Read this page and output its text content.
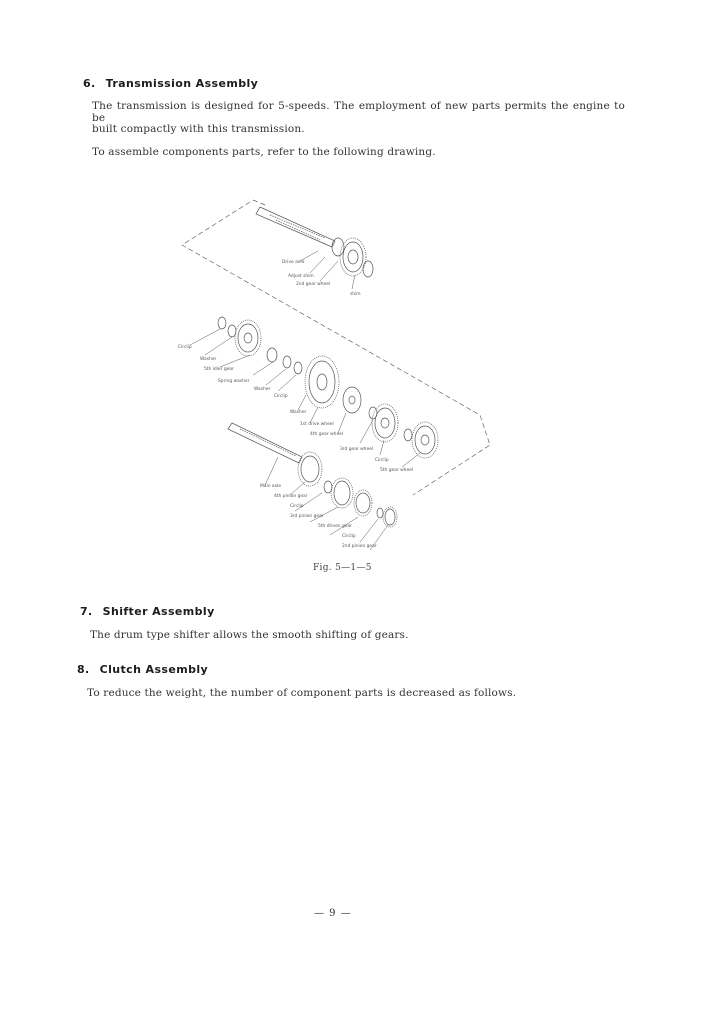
6. Transmission Assembly

The transmission is designed for 5-speeds. The employment of new parts permits the engine to be

built compactly with this transmission.

To assemble components parts, refer to the following drawing.

Drive axle
Adjust shim
2nd gear wheel
shim
Circlip
Washer
5th idler gear
Spring washer
Washer
Circlip
Washer
1st drive wheel
4th gear wheel
3rd gear wheel
Circlip
5th gear wheel
Main axle
4th pinion gear
Circlip
3rd pinion gear
5th driven gear
Circlip
2nd pinion gear

Fig. 5—1—5

7. Shifter Assembly

The drum type shifter allows the smooth shifting of gears.

8. Clutch Assembly

To reduce the weight, the number of component parts is decreased as follows.

— 9 —
